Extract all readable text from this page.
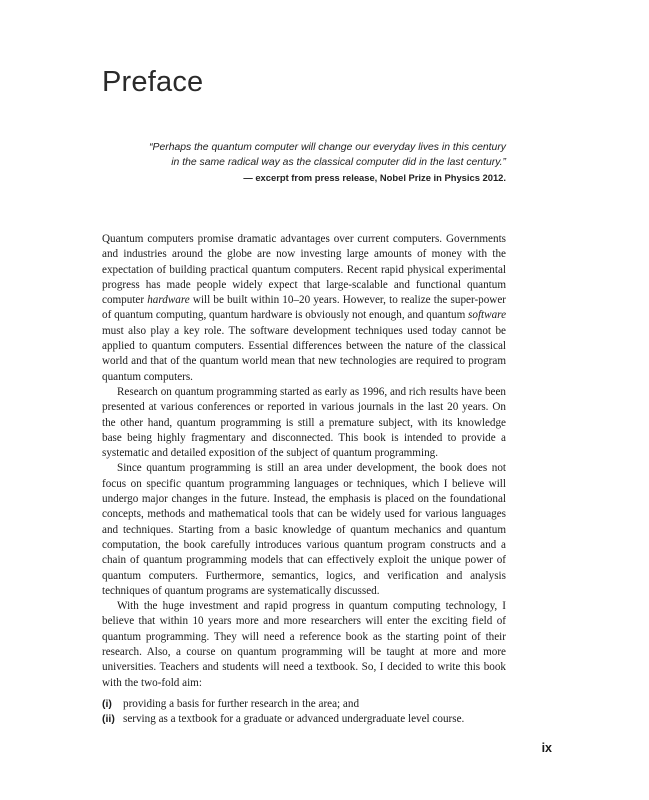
Preface
“Perhaps the quantum computer will change our everyday lives in this century
in the same radical way as the classical computer did in the last century.”
— excerpt from press release, Nobel Prize in Physics 2012.

Quantum computers promise dramatic advantages over current computers. Governments and industries around the globe are now investing large amounts of money with the expectation of building practical quantum computers. Recent rapid physical experimental progress has made people widely expect that large-scalable and functional quantum computer hardware will be built within 10–20 years. However, to realize the super-power of quantum computing, quantum hardware is obviously not enough, and quantum software must also play a key role. The software development techniques used today cannot be applied to quantum computers. Essential differences between the nature of the classical world and that of the quantum world mean that new technologies are required to program quantum computers.

Research on quantum programming started as early as 1996, and rich results have been presented at various conferences or reported in various journals in the last 20 years. On the other hand, quantum programming is still a premature subject, with its knowledge base being highly fragmentary and disconnected. This book is intended to provide a systematic and detailed exposition of the subject of quantum programming.

Since quantum programming is still an area under development, the book does not focus on specific quantum programming languages or techniques, which I believe will undergo major changes in the future. Instead, the emphasis is placed on the foundational concepts, methods and mathematical tools that can be widely used for various languages and techniques. Starting from a basic knowledge of quantum mechanics and quantum computation, the book carefully introduces various quantum program constructs and a chain of quantum programming models that can effectively exploit the unique power of quantum computers. Furthermore, semantics, logics, and verification and analysis techniques of quantum programs are systematically discussed.

With the huge investment and rapid progress in quantum computing technology, I believe that within 10 years more and more researchers will enter the exciting field of quantum programming. They will need a reference book as the starting point of their research. Also, a course on quantum programming will be taught at more and more universities. Teachers and students will need a textbook. So, I decided to write this book with the two-fold aim:

(i) providing a basis for further research in the area; and
(ii) serving as a textbook for a graduate or advanced undergraduate level course.
ix
